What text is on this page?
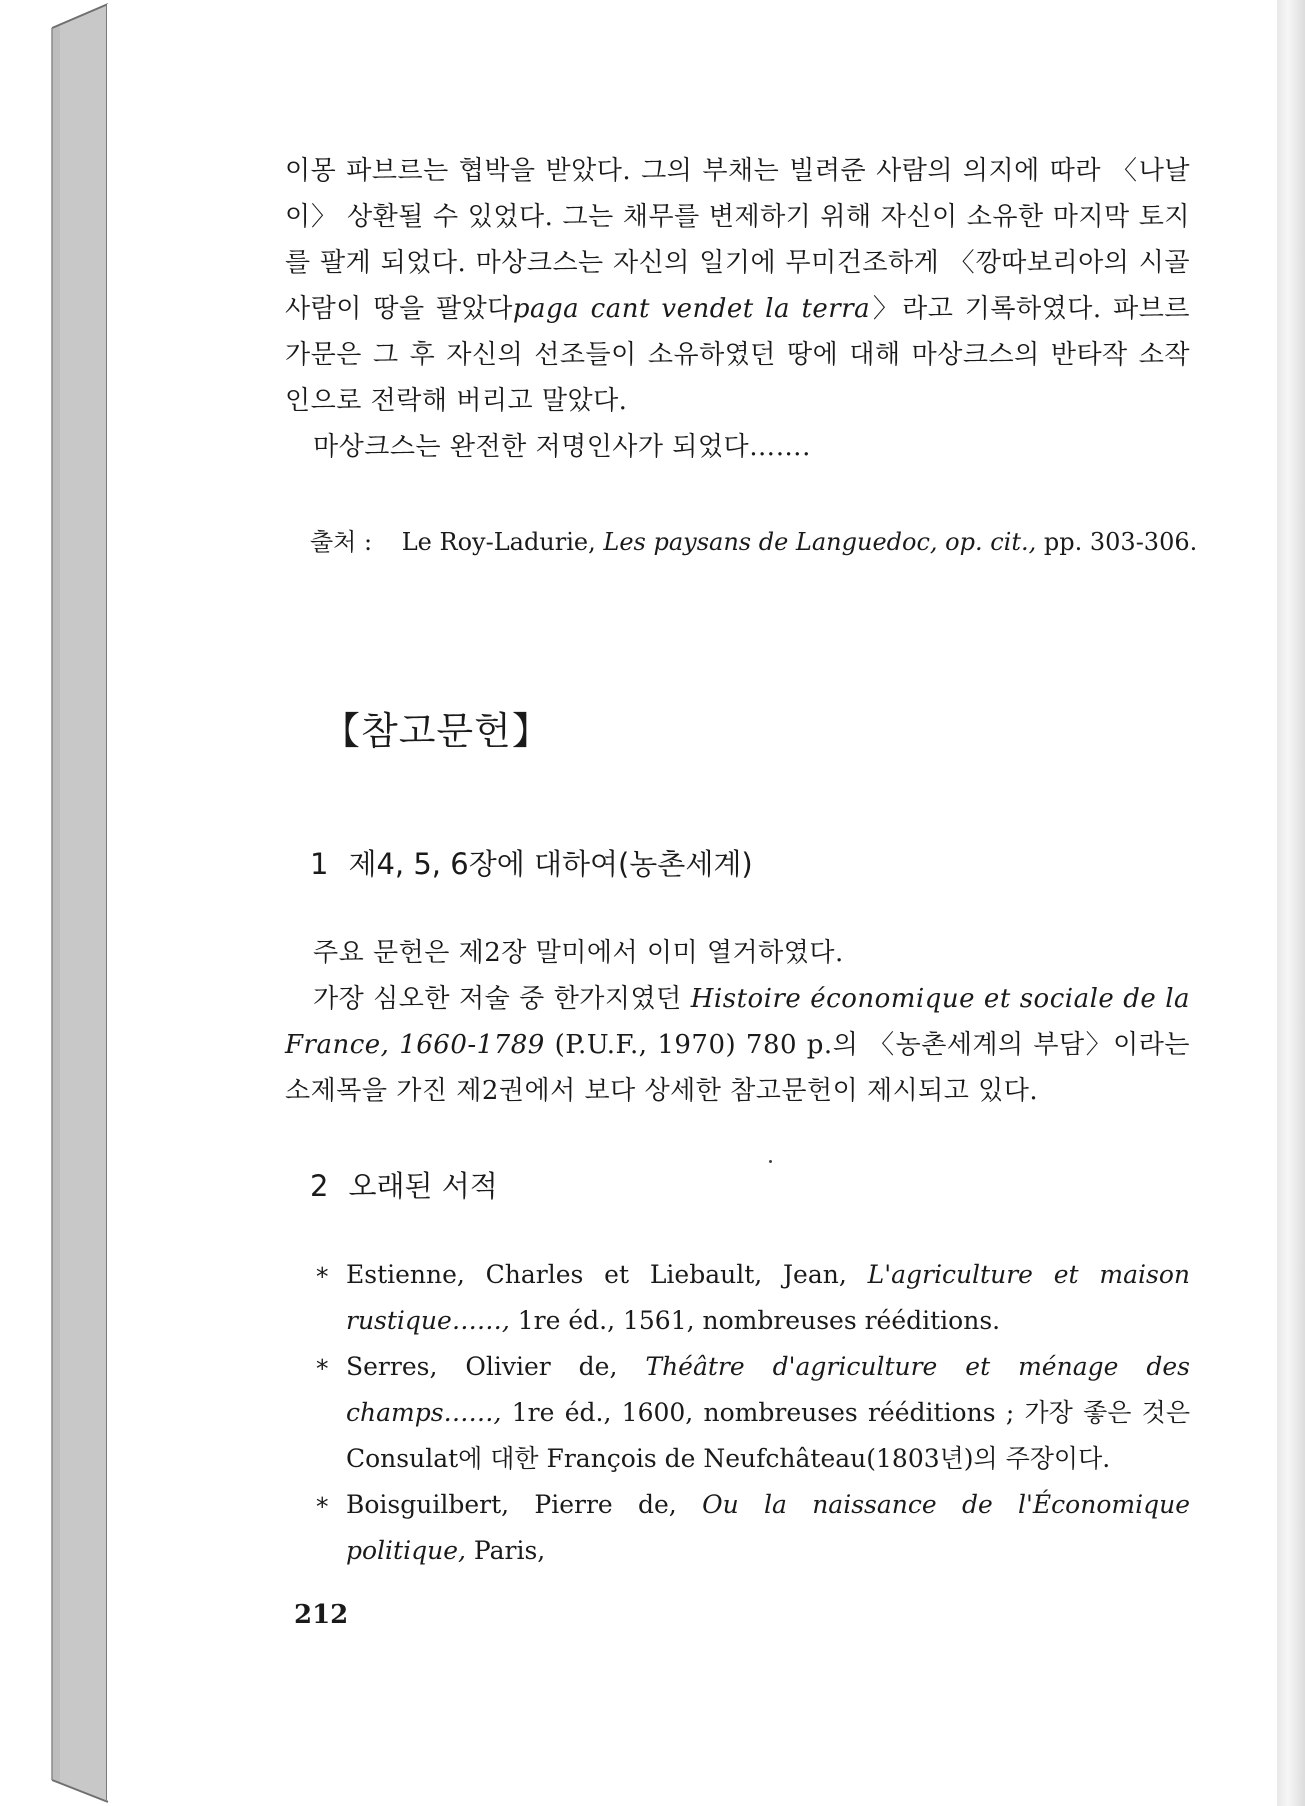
이몽 파브르는 협박을 받았다. 그의 부채는 빌려준 사람의 의지에 따라 〈나날이〉 상환될 수 있었다. 그는 채무를 변제하기 위해 자신이 소유한 마지막 토지를 팔게 되었다. 마상크스는 자신의 일기에 무미건조하게 〈깡따보리아의 시골사람이 땅을 팔았다paga cant vendet la terra〉라고 기록하였다. 파브르 가문은 그 후 자신의 선조들이 소유하였던 땅에 대해 마상크스의 반타작 소작인으로 전락해 버리고 말았다.

마상크스는 완전한 저명인사가 되었다…….

출처 : Le Roy-Ladurie, Les paysans de Languedoc, op. cit., pp. 303-306.
【참고문헌】
1 제4, 5, 6장에 대하여(농촌세계)

주요 문헌은 제2장 말미에서 이미 열거하였다.

가장 심오한 저술 중 한가지였던 Histoire économique et sociale de la France, 1660-1789 (P.U.F., 1970) 780 p.의 〈농촌세계의 부담〉이라는 소제목을 가진 제2권에서 보다 상세한 참고문헌이 제시되고 있다.

2 오래된 서적

* Estienne, Charles et Liebault, Jean, L'agriculture et maison rustique……, 1re éd., 1561, nombreuses rééditions.

* Serres, Olivier de, Théâtre d'agriculture et ménage des champs……, 1re éd., 1600, nombreuses rééditions ; 가장 좋은 것은 Consulat에 대한 François de Neufchâteau(1803년)의 주장이다.

* Boisguilbert, Pierre de, Ou la naissance de l'Économique politique, Paris,

212
